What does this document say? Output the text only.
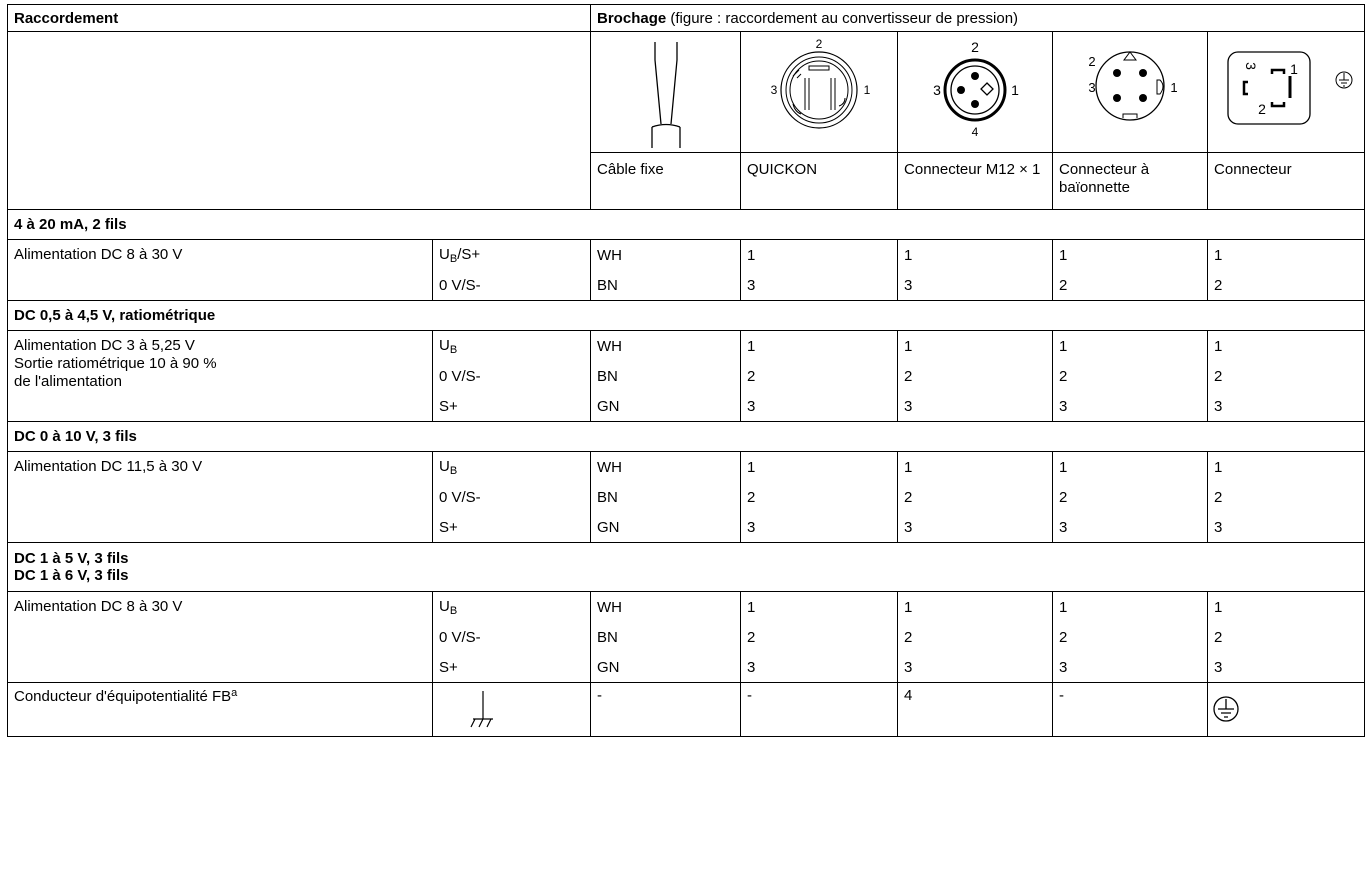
Raccordement		Brochage (figure : raccordement au convertisseur de pression)				

2
3 1	2
3 1
4	2
3 1	1
3
2

		Câble fixe	QUICKON	Connecteur M12 × 1	Connecteur à baïonnette	Connecteur

4 à 20 mA, 2 fils						

Alimentation DC 8 à 30 V	$U_B/S+$	WH	1	1	1	1
	0 V/S-	BN	3	3	2	2

DC 0,5 à 4,5 V, ratiométrique						

Alimentation DC 3 à 5,25 V
Sortie ratiométrique 10 à 90 %
de l'alimentation	$U_B$	WH	1	1	1	1
	0 V/S-	BN	2	2	2	2
	S+	GN	3	3	3	3

DC 0 à 10 V, 3 fils						

Alimentation DC 11,5 à 30 V	$U_B$	WH	1	1	1	1
	0 V/S-	BN	2	2	2	2
	S+	GN	3	3	3	3

DC 1 à 5 V, 3 fils
DC 1 à 6 V, 3 fils						

Alimentation DC 8 à 30 V	$U_B$	WH	1	1	1	1
	0 V/S-	BN	2	2	2	2
	S+	GN	3	3	3	3
Conducteur d'équipotentialité $FB^a$		-	-	4	-	
